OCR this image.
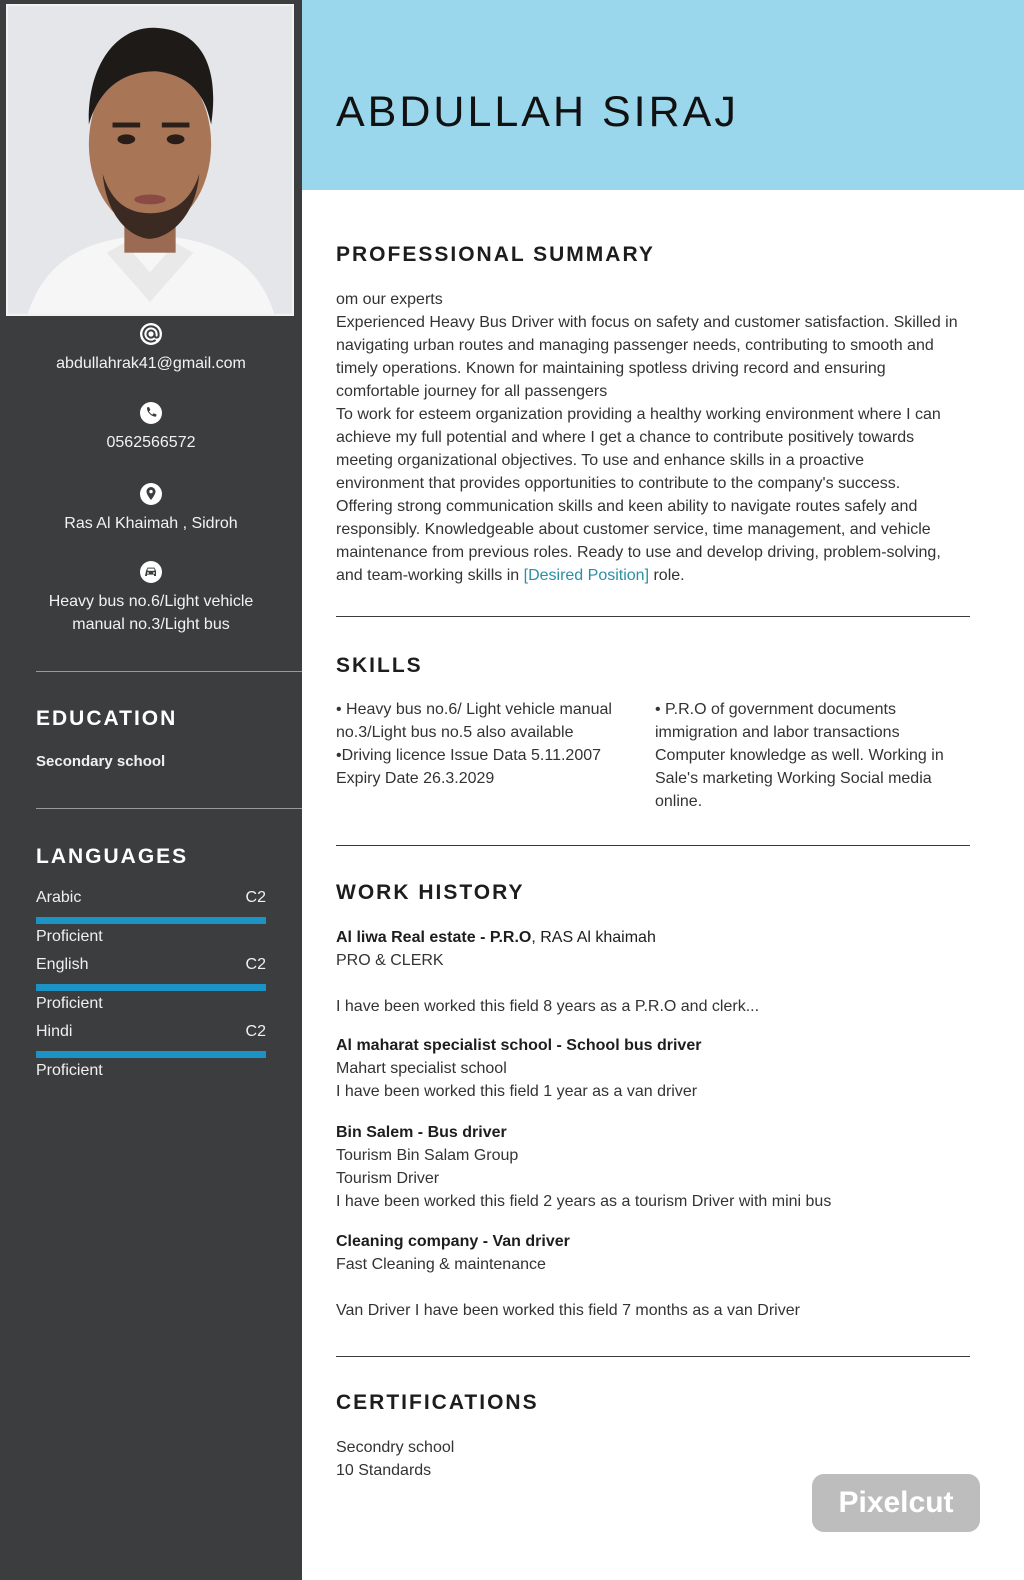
abdullahrak41@gmail.com
0562566572
Ras Al Khaimah , Sidroh
Heavy bus no.6/Light vehicle
manual no.3/Light bus
EDUCATION
Secondary school
LANGUAGES
Arabic	C2
Proficient
English	C2
Proficient
Hindi	C2
Proficient
ABDULLAH SIRAJ
PROFESSIONAL SUMMARY
om our experts
Experienced Heavy Bus Driver with focus on safety and customer satisfaction. Skilled in
navigating urban routes and managing passenger needs, contributing to smooth and
timely operations. Known for maintaining spotless driving record and ensuring
comfortable journey for all passengers
To work for esteem organization providing a healthy working environment where I can
achieve my full potential and where I get a chance to contribute positively towards
meeting organizational objectives. To use and enhance skills in a proactive
environment that provides opportunities to contribute to the company's success.
Offering strong communication skills and keen ability to navigate routes safely and
responsibly. Knowledgeable about customer service, time management, and vehicle
maintenance from previous roles. Ready to use and develop driving, problem-solving,
and team-working skills in [Desired Position] role.
SKILLS
• Heavy bus no.6/ Light vehicle manual
no.3/Light bus no.5 also available
•Driving licence Issue Data 5.11.2007
Expiry Date 26.3.2029
• P.R.O of government documents
immigration and labor transactions
Computer knowledge as well. Working in
Sale's marketing Working Social media
online.
WORK HISTORY
Al liwa Real estate - P.R.O, RAS Al khaimah
PRO & CLERK
I have been worked this field 8 years as a P.R.O and clerk...
Al maharat specialist school - School bus driver
Mahart specialist school
I have been worked this field 1 year as a van driver
Bin Salem - Bus driver
Tourism Bin Salam Group
Tourism Driver
I have been worked this field 2 years as a tourism Driver with mini bus
Cleaning company - Van driver
Fast Cleaning & maintenance
Van Driver I have been worked this field 7 months as a van Driver
CERTIFICATIONS
Secondry school
10 Standards
Pixelcut
